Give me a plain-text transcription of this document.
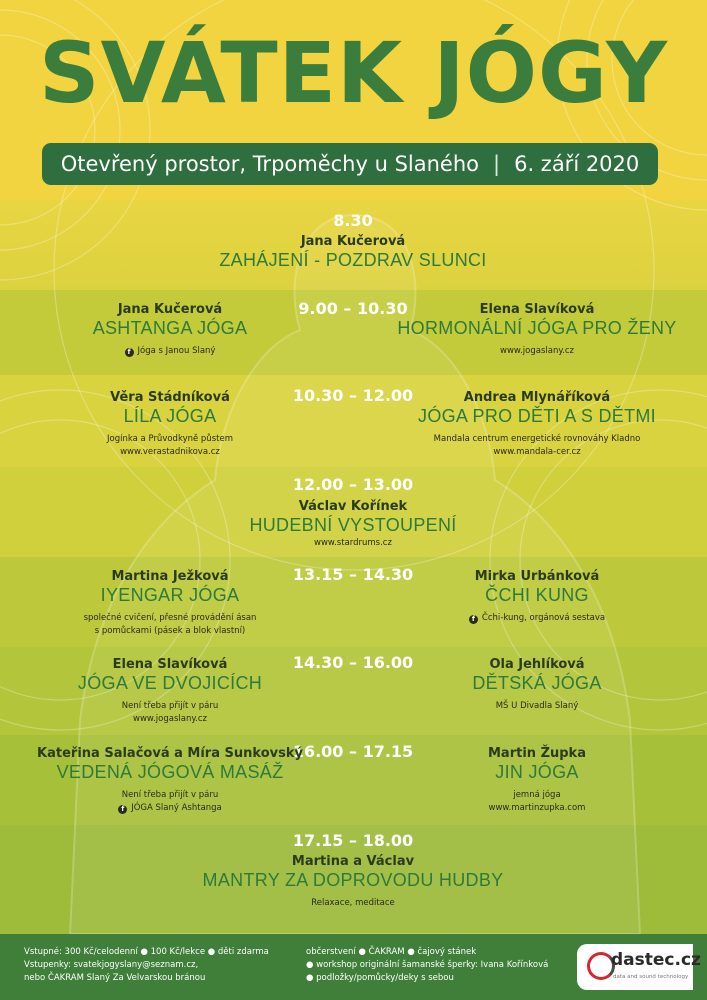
SVÁTEK JÓGY
Otevřený prostor, Trpoměchy u Slaného | 6. září 2020
8.30
Jana Kučerová
ZAHÁJENÍ - POZDRAV SLUNCI
9.00 – 10.30
Jana Kučerová
ASHTANGA JÓGA
f Jóga s Janou Slaný
Elena Slavíková
HORMONÁLNÍ JÓGA PRO ŽENY
www.jogaslany.cz
10.30 – 12.00
Věra Stádníková
LÍLA JÓGA
Jogínka a Průvodkyně půstem
www.verastadnikova.cz
Andrea Mlynáříková
JÓGA PRO DĚTI A S DĚTMI
Mandala centrum energetické rovnováhy Kladno
www.mandala-cer.cz
12.00 – 13.00
Václav Kořínek
HUDEBNÍ VYSTOUPENÍ
www.stardrums.cz
13.15 – 14.30
Martina Ježková
IYENGAR JÓGA
společné cvičení, přesné provádění ásan
s pomůckami (pásek a blok vlastní)
Mirka Urbánková
ČCHI KUNG
f Čchi-kung, orgánová sestava
14.30 – 16.00
Elena Slavíková
JÓGA VE DVOJICÍCH
Není třeba přijít v páru
www.jogaslany.cz
Ola Jehlíková
DĚTSKÁ JÓGA
MŠ U Divadla Slaný
16.00 – 17.15
Kateřina Salačová a Míra Sunkovský
VEDENÁ JÓGOVÁ MASÁŽ
Není třeba přijít v páru
f JÓGA Slaný Ashtanga
Martin Župka
JIN JÓGA
jemná jóga
www.martinzupka.com
17.15 – 18.00
Martina a Václav
MANTRY ZA DOPROVODU HUDBY
Relaxace, meditace
Vstupné: 300 Kč/celodenní ● 100 Kč/lekce ● děti zdarma
Vstupenky: svatekjogyslany@seznam.cz,
nebo ČAKRAM Slaný Za Velvarskou bránou
občerstvení ● ČAKRAM ● čajový stánek
● workshop originální šamanské šperky: Ivana Kořínková
● podložky/pomůcky/deky s sebou
dastec.cz
data and sound technology
